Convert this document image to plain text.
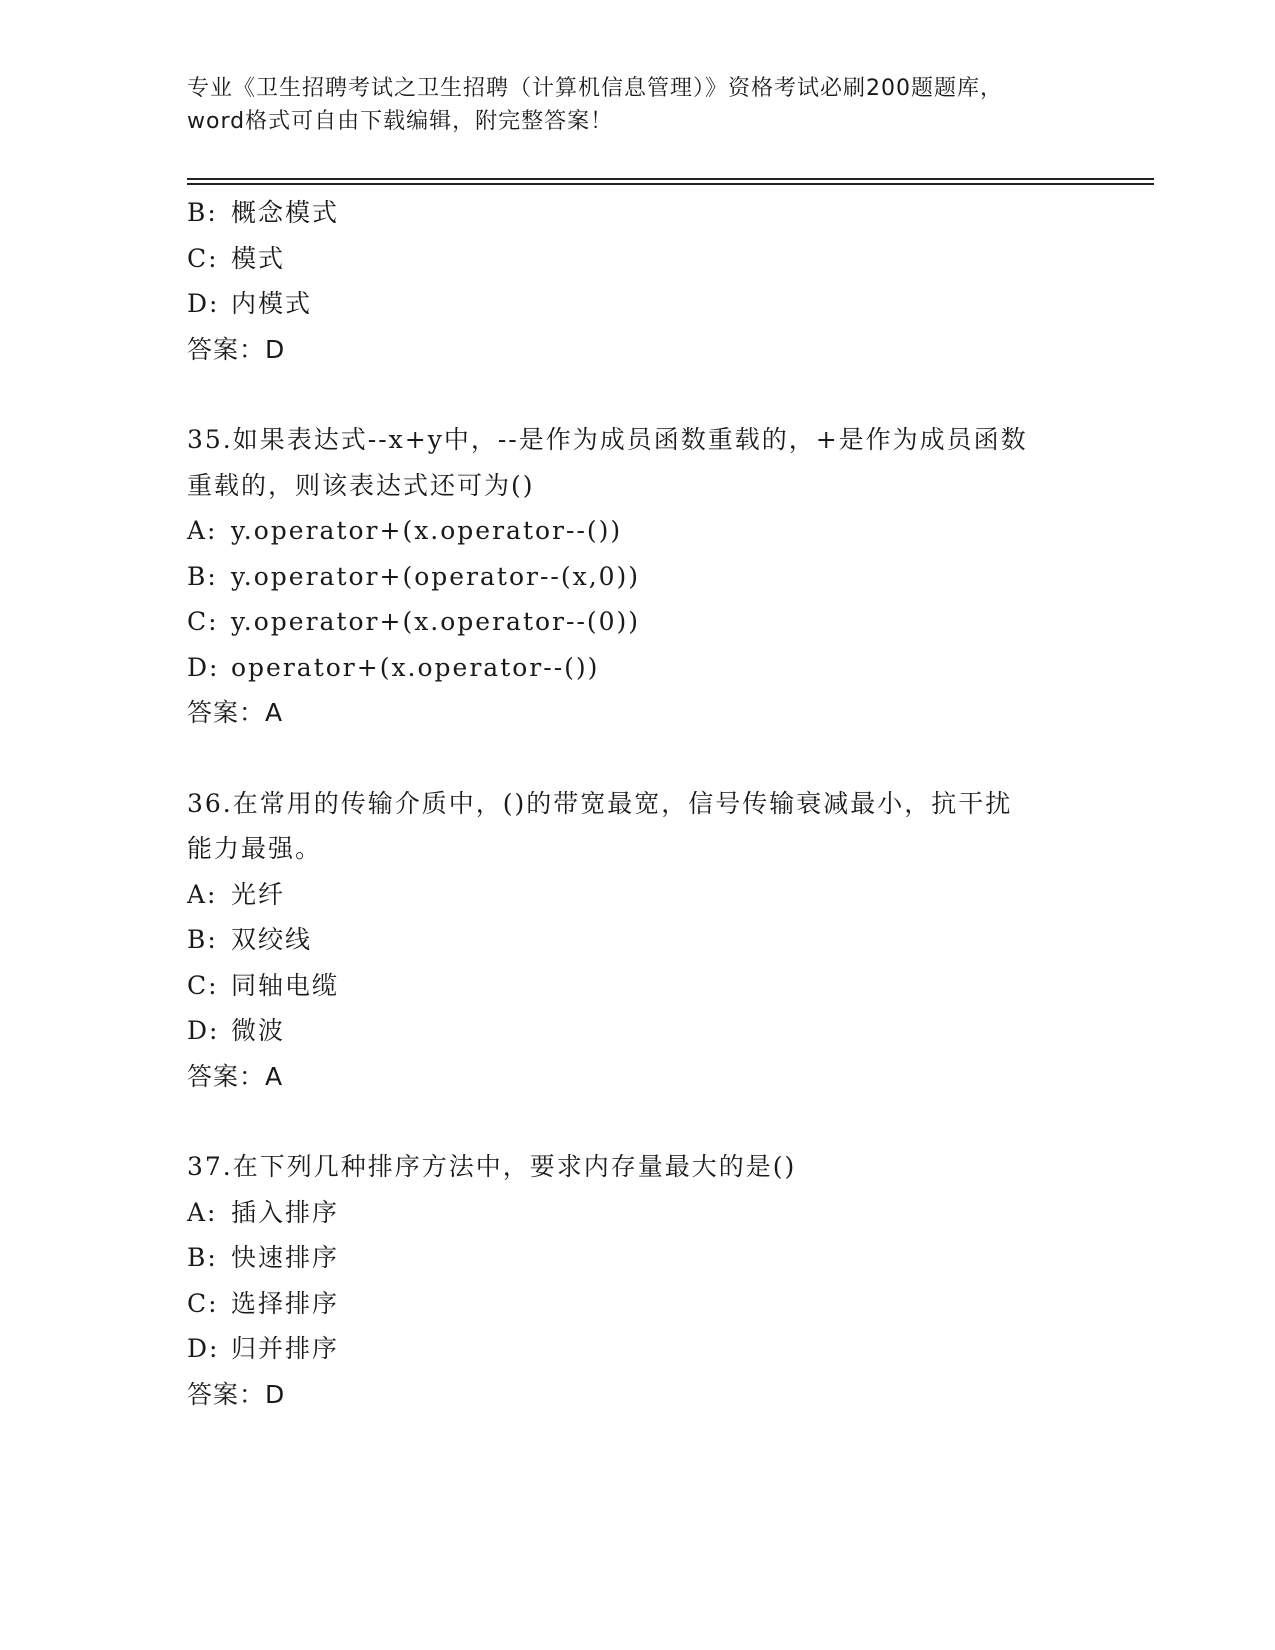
专业《卫生招聘考试之卫生招聘（计算机信息管理）》资格考试必刷200题题库，
word格式可自由下载编辑，附完整答案！
B: 概念模式
C: 模式
D: 内模式
答案：D
35.如果表达式--x+y中，--是作为成员函数重载的，+是作为成员函数
重载的，则该表达式还可为()
A: y.operator+(x.operator--())
B: y.operator+(operator--(x,0))
C: y.operator+(x.operator--(0))
D: operator+(x.operator--())
答案：A
36.在常用的传输介质中，()的带宽最宽，信号传输衰减最小，抗干扰
能力最强。
A: 光纤
B: 双绞线
C: 同轴电缆
D: 微波
答案：A
37.在下列几种排序方法中，要求内存量最大的是()
A: 插入排序
B: 快速排序
C: 选择排序
D: 归并排序
答案：D
